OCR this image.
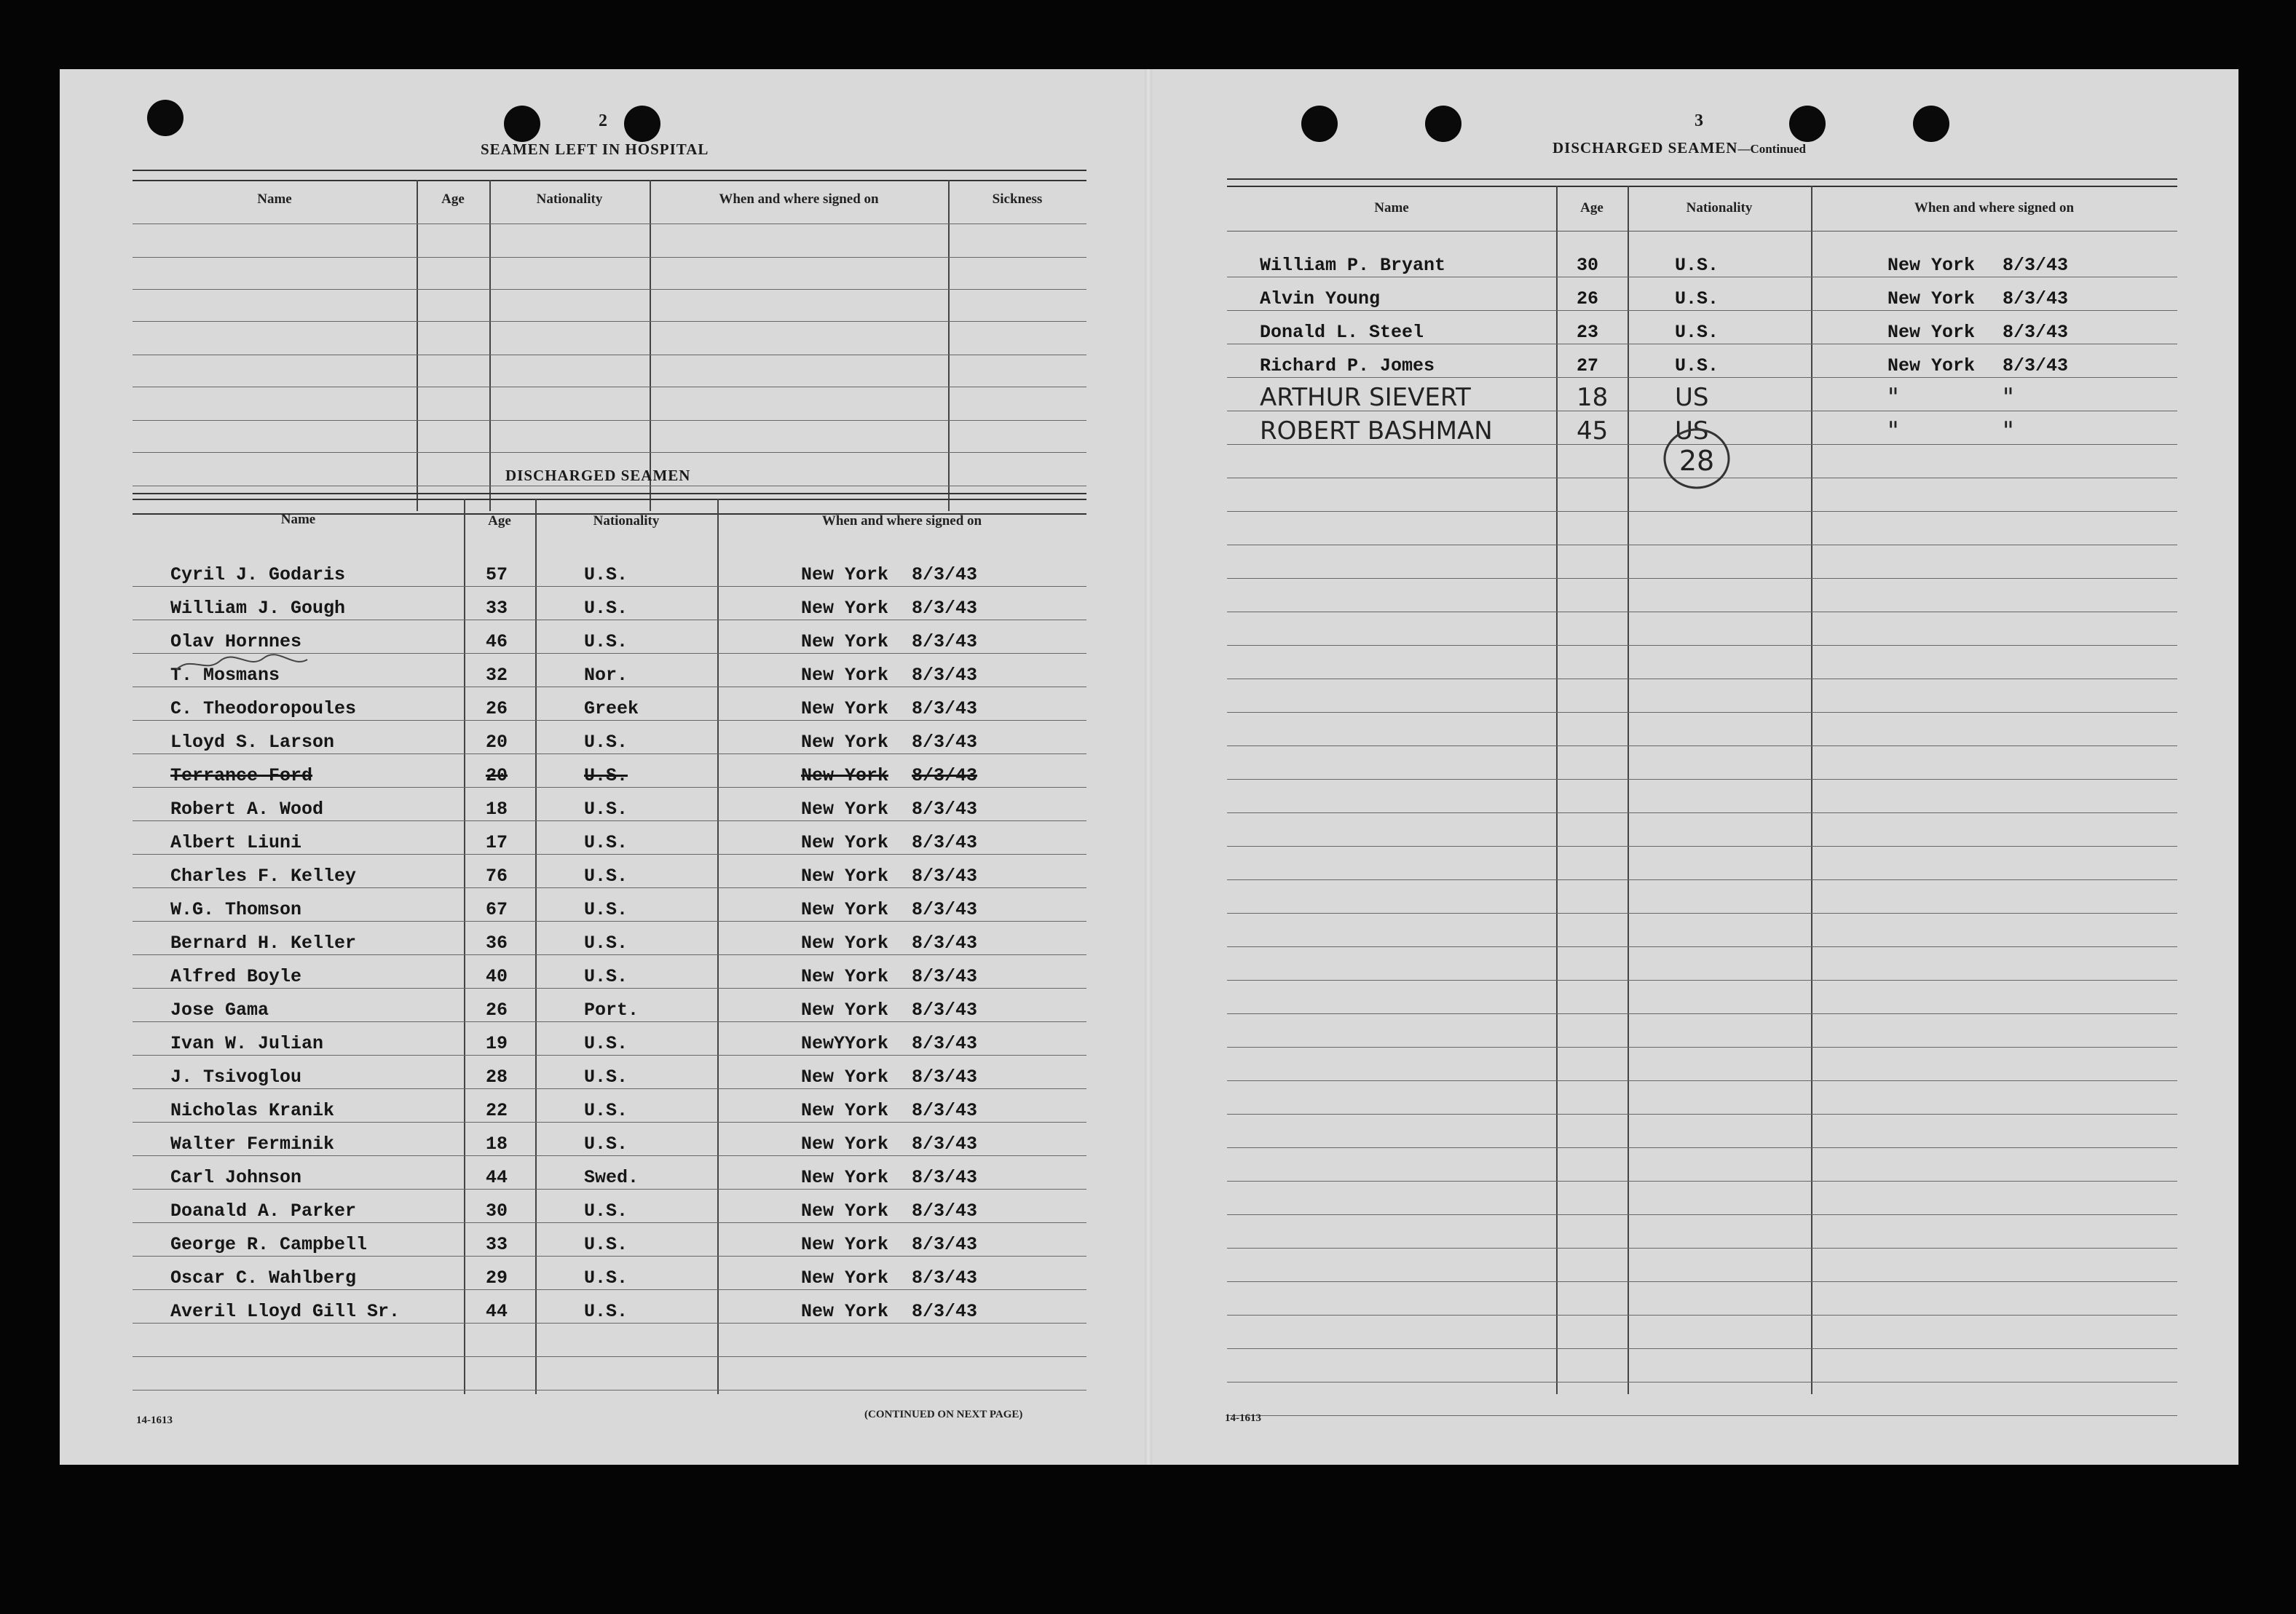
2
SEAMEN LEFT IN HOSPITAL
Name	Age	Nationality	When and where signed on	Sickness
DISCHARGED SEAMEN
Name	Age	Nationality	When and where signed on
Cyril J. Godaris	57	U.S.	New York 8/3/43
William J. Gough	33	U.S.	New York 8/3/43
Olav Hornnes	46	U.S.	New York 8/3/43
T. Mosmans	32	Nor.	New York 8/3/43
C. Theodoropoules	26	Greek	New York 8/3/43
Lloyd S. Larson	20	U.S.	New York 8/3/43
Terrance Ford	20	U.S.	New York 8/3/43
Robert A. Wood	18	U.S.	New York 8/3/43
Albert Liuni	17	U.S.	New York 8/3/43
Charles F. Kelley	76	U.S.	New York 8/3/43
W.G. Thomson	67	U.S.	New York 8/3/43
Bernard H. Keller	36	U.S.	New York 8/3/43
Alfred Boyle	40	U.S.	New York 8/3/43
Jose Gama	26	Port.	New York 8/3/43
Ivan W. Julian	19	U.S.	NewYYork 8/3/43
J. Tsivoglou	28	U.S.	New York 8/3/43
Nicholas Kranik	22	U.S.	New York 8/3/43
Walter Ferminik	18	U.S.	New York 8/3/43
Carl Johnson	44	Swed.	New York 8/3/43
Doanald A. Parker	30	U.S.	New York 8/3/43
George R. Campbell	33	U.S.	New York 8/3/43
Oscar C. Wahlberg	29	U.S.	New York 8/3/43
Averil Lloyd Gill Sr.	44	U.S.	New York 8/3/43
14-1613	(CONTINUED ON NEXT PAGE)
3
DISCHARGED SEAMEN—Continued
Name	Age	Nationality	When and where signed on
William P. Bryant	30	U.S.	New York 8/3/43
Alvin Young	26	U.S.	New York 8/3/43
Donald L. Steel	23	U.S.	New York 8/3/43
Richard P. Jomes	27	U.S.	New York 8/3/43
ARTHUR SIEVERT	18	US	"	"
ROBERT BASHMAN	45	US	"	"
28
14-1613
